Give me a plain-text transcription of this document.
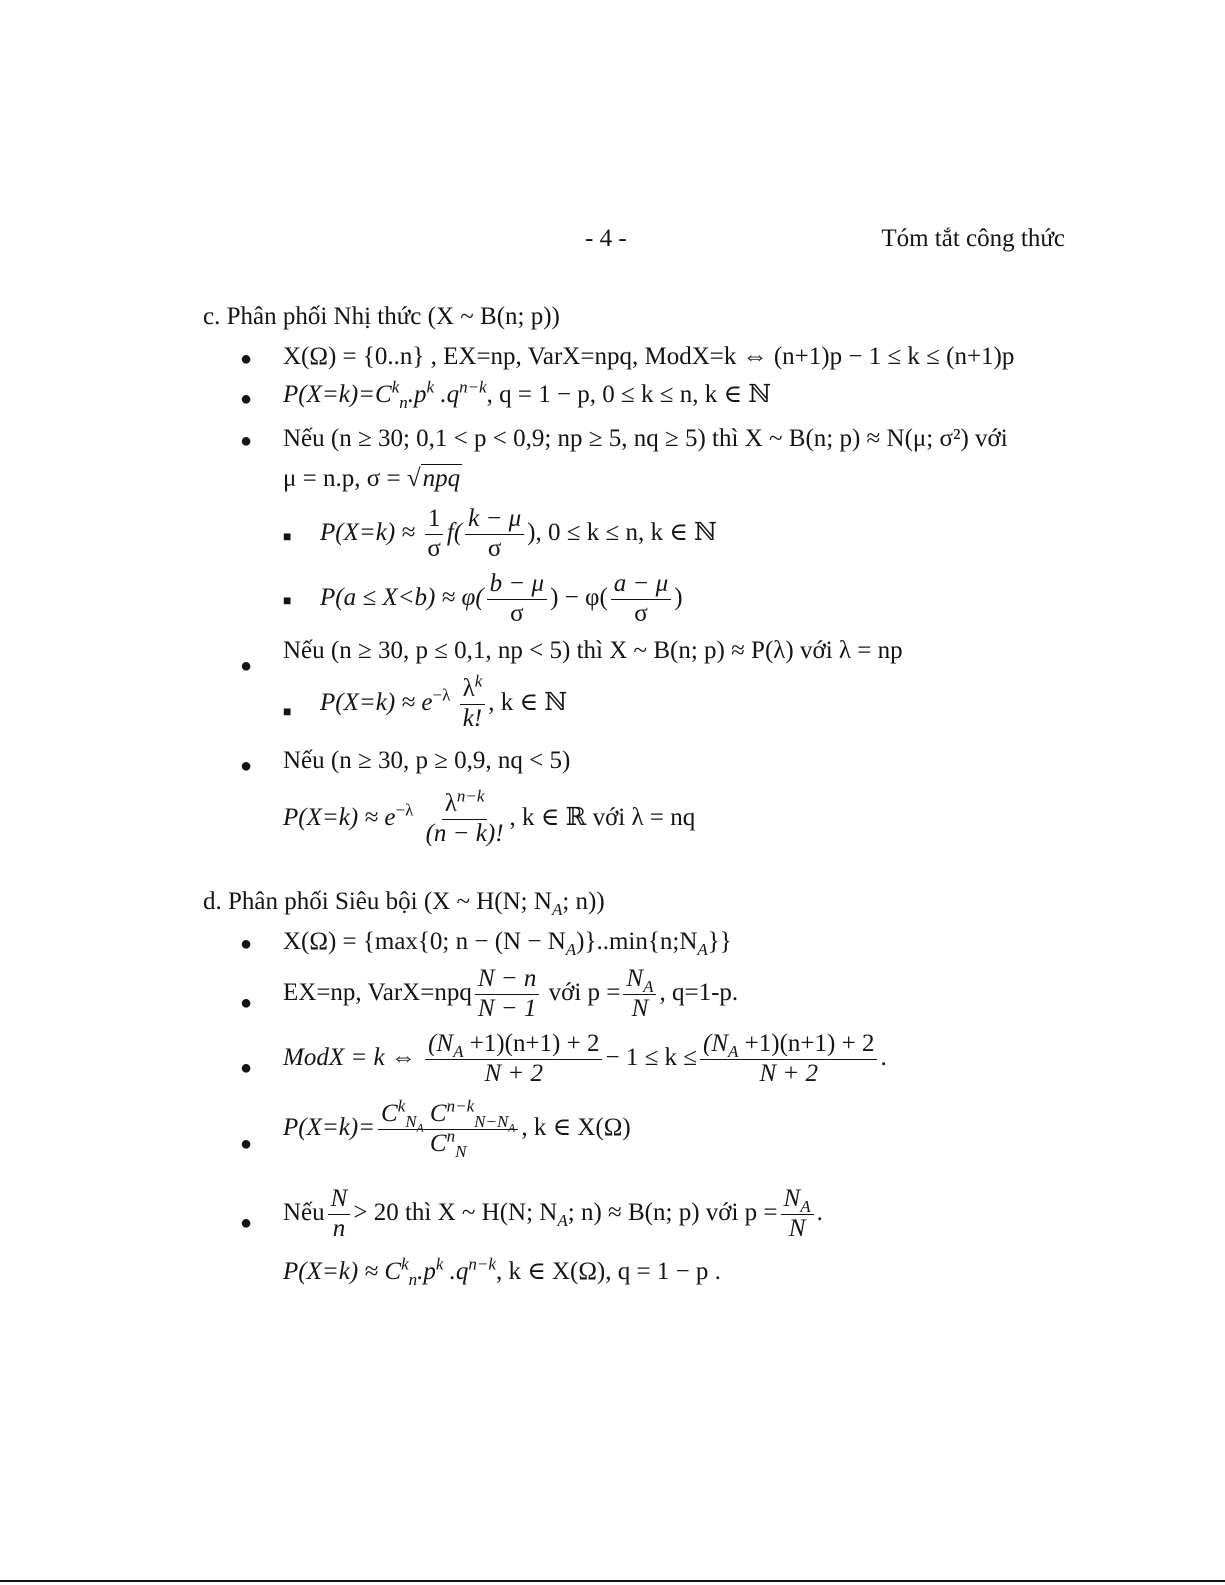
- 4 -	Tóm tắt công thức
c. Phân phối Nhị thức (X ~ B(n; p))
● X(Ω) = {0..n} , EX=np, VarX=npq, ModX=k ⇔ (n+1)p − 1 ≤ k ≤ (n+1)p
● $P(X=k)=C^k_n.p^k$ $.q^{n-k}$, q = 1 − p, 0 ≤ k ≤ n, k ∈ ℕ
● Nếu (n ≥ 30; 0,1 < p < 0,9; np ≥ 5, nq ≥ 5) thì X ~ B(n; p) ≈ N(μ; σ²) với
μ = n.p, σ = √npq
■ $P(X=k) \approx \frac{1}{\sigma} f( \frac{k - \mu}{\sigma}$ ), 0 ≤ k ≤ n, k ∈ ℕ
■ $P(a \le X<b) \approx \varphi( \frac{b - \mu}{\sigma}$ ) − $\varphi( \frac{a - \mu}{\sigma}$ )
●
Nếu (n ≥ 30, p ≤ 0,1, np < 5) thì X ~ B(n; p) ≈ P(λ) với λ = np
■ $P(X=k) \approx e^{-\lambda} \frac{\lambda^k}{k!}$ , k ∈ ℕ
● Nếu (n ≥ 30, p ≥ 0,9, nq < 5)
$P(X=k) \approx e^{-\lambda} \frac{\lambda^{n-k}}{(n - k)!}$ , k ∈ ℝ với λ = nq
d. Phân phối Siêu bội (X ~ H(N; $N_A$; n))
● X(Ω) = {max{0; $n - (N - N_A)\}..\min\{n;N_A\}$}
● EX=np, VarX=npq $\frac{N - n}{N - 1}$ với $p = \frac{N_A}{N}$ , q=1-p.
● ModX = k ⇔ $\frac{(N_A +1)(n+1) + 2}{N + 2} - 1 \le k \le \frac{(N_A +1)(n+1) + 2}{N + 2}$ .
●
$P(X=k)= \frac{C^k_{N_A} C^{n-k}_{N-N_A}}{C^n_N}$ , k ∈ X(Ω)
● Nếu $\frac{N}{n} > 20$ thì X ~ H(N; $N_A$; n) ≈ B(n; p) với $p = \frac{N_A}{N}$ .
$P(X=k) \approx C^k_n.p^k$ $.q^{n-k}$, k ∈ X(Ω), q = 1 − p .
